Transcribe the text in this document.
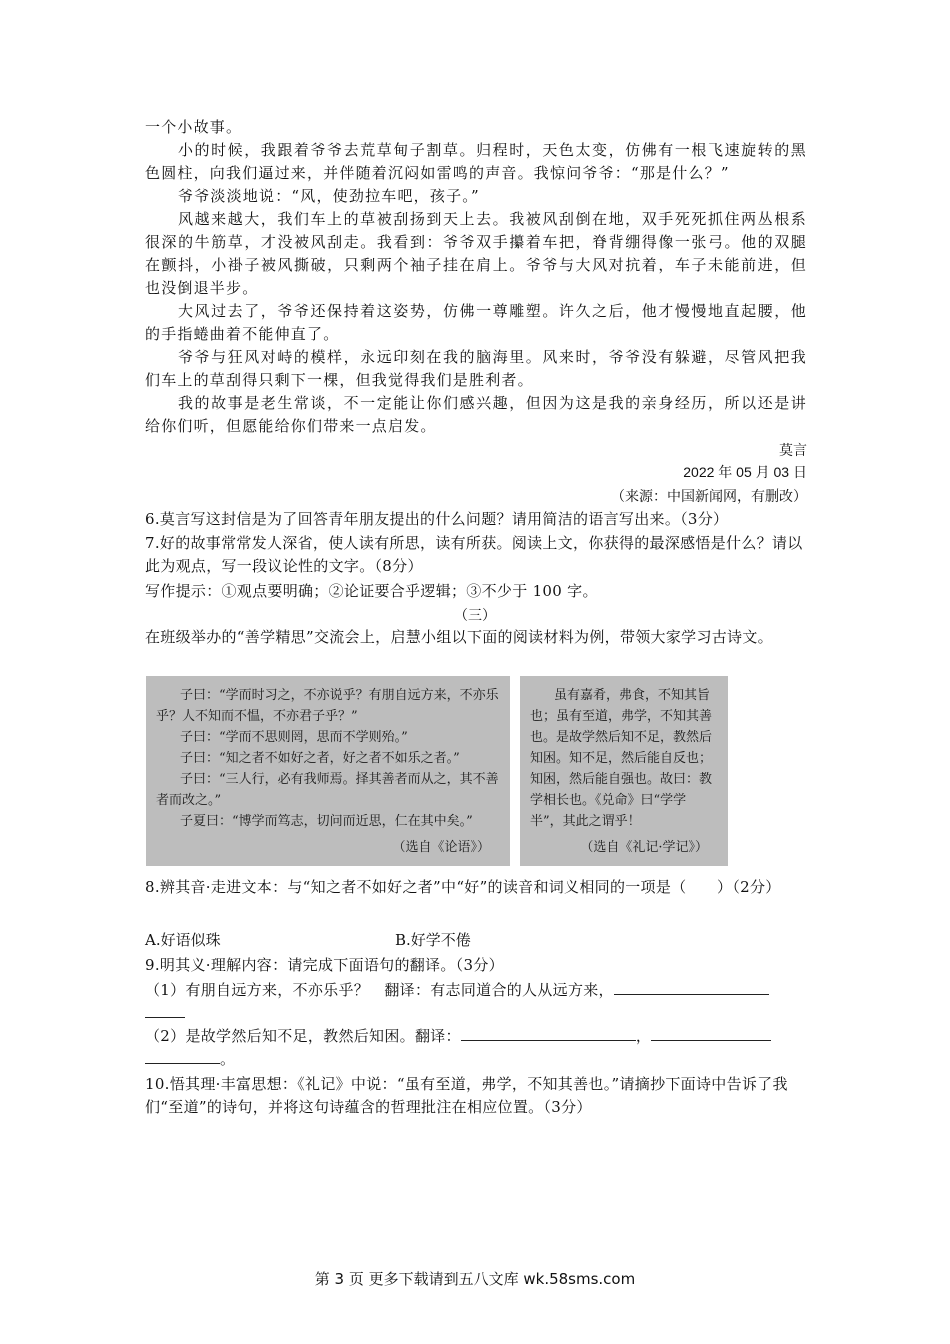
一个小故事。

小的时候，我跟着爷爷去荒草甸子割草。归程时，天色太变，仿佛有一根飞速旋转的黑色圆柱，向我们逼过来，并伴随着沉闷如雷鸣的声音。我惊问爷爷：“那是什么？”

爷爷淡淡地说：“风，使劲拉车吧，孩子。”

风越来越大，我们车上的草被刮扬到天上去。我被风刮倒在地，双手死死抓住两丛根系很深的牛筋草，才没被风刮走。我看到：爷爷双手攥着车把，脊背绷得像一张弓。他的双腿在颤抖，小褂子被风撕破，只剩两个袖子挂在肩上。爷爷与大风对抗着，车子未能前进，但也没倒退半步。

大风过去了，爷爷还保持着这姿势，仿佛一尊雕塑。许久之后，他才慢慢地直起腰，他的手指蜷曲着不能伸直了。

爷爷与狂风对峙的模样，永远印刻在我的脑海里。风来时，爷爷没有躲避，尽管风把我们车上的草刮得只剩下一棵，但我觉得我们是胜利者。

我的故事是老生常谈，不一定能让你们感兴趣，但因为这是我的亲身经历，所以还是讲给你们听，但愿能给你们带来一点启发。

莫言

2022 年 05 月 03 日

（来源：中国新闻网，有删改）

6.莫言写这封信是为了回答青年朋友提出的什么问题？请用简洁的语言写出来。（3分）

7.好的故事常常发人深省，使人读有所思，读有所获。阅读上文，你获得的最深感悟是什么？请以此为观点，写一段议论性的文字。（8分）

写作提示：①观点要明确；②论证要合乎逻辑；③不少于 100 字。

（三）

在班级举办的“善学精思”交流会上，启慧小组以下面的阅读材料为例，带领大家学习古诗文。

子曰：“学而时习之，不亦说乎？有朋自远方来，不亦乐乎？人不知而不愠，不亦君子乎？”

子曰：“学而不思则罔，思而不学则殆。”

子曰：“知之者不如好之者，好之者不如乐之者。”

子曰：“三人行，必有我师焉。择其善者而从之，其不善者而改之。”

子夏曰：“博学而笃志，切问而近思，仁在其中矣。”

（选自《论语》）

虽有嘉肴，弗食，不知其旨也；虽有至道，弗学，不知其善也。是故学然后知不足，教然后知困。知不足，然后能自反也；知困，然后能自强也。故曰：教学相长也。《兑命》曰“学学半”，其此之谓乎！

（选自《礼记·学记》）

8.辨其音·走进文本：与“知之者不如好之者”中“好”的读音和词义相同的一项是（　　）（2分）

A.好语似珠	B.好学不倦

9.明其义·理解内容：请完成下面语句的翻译。（3分）

（1）有朋自远方来，不亦乐乎？　翻译：有志同道合的人从远方来，

（2）是故学然后知不足，教然后知困。翻译：	，
。

10.悟其理·丰富思想：《礼记》中说：“虽有至道，弗学，不知其善也。”请摘抄下面诗中告诉了我们“至道”的诗句，并将这句诗蕴含的哲理批注在相应位置。（3分）

第 3 页 更多下载请到五八文库 wk.58sms.com
